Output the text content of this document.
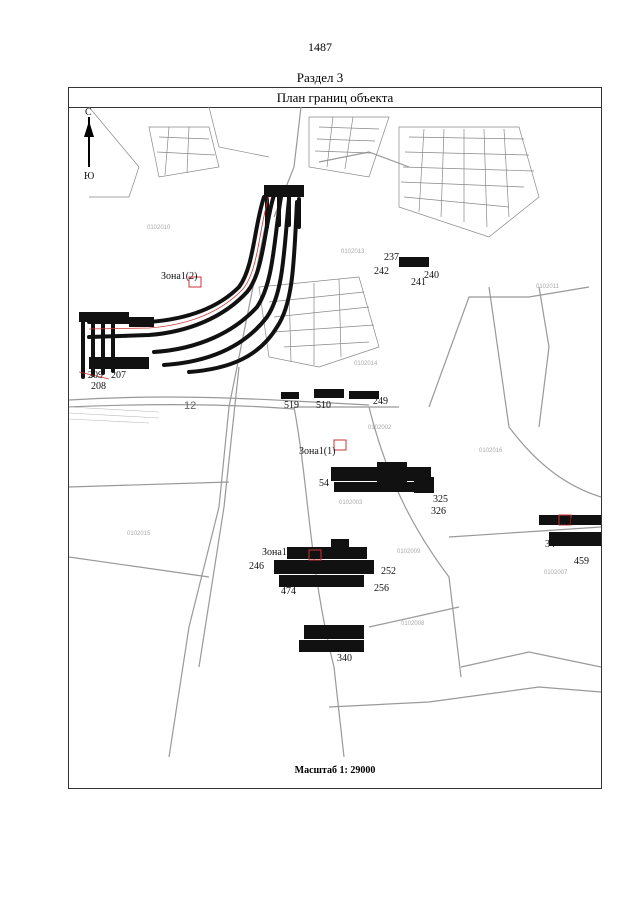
1487
Раздел 3
План границ объекта
С
Ю
0102010
0102013
0102011
0102014
0102002
0102003
0102016
0102015
0102009
0102008
0102007
12
Зона1(2)
Зона1(1)
Зона1
Зона1
208
209 207
237
242
241
240
249
519 510
325
326
246
474	256
252
340
54
34
459
Масштаб 1: 29000
